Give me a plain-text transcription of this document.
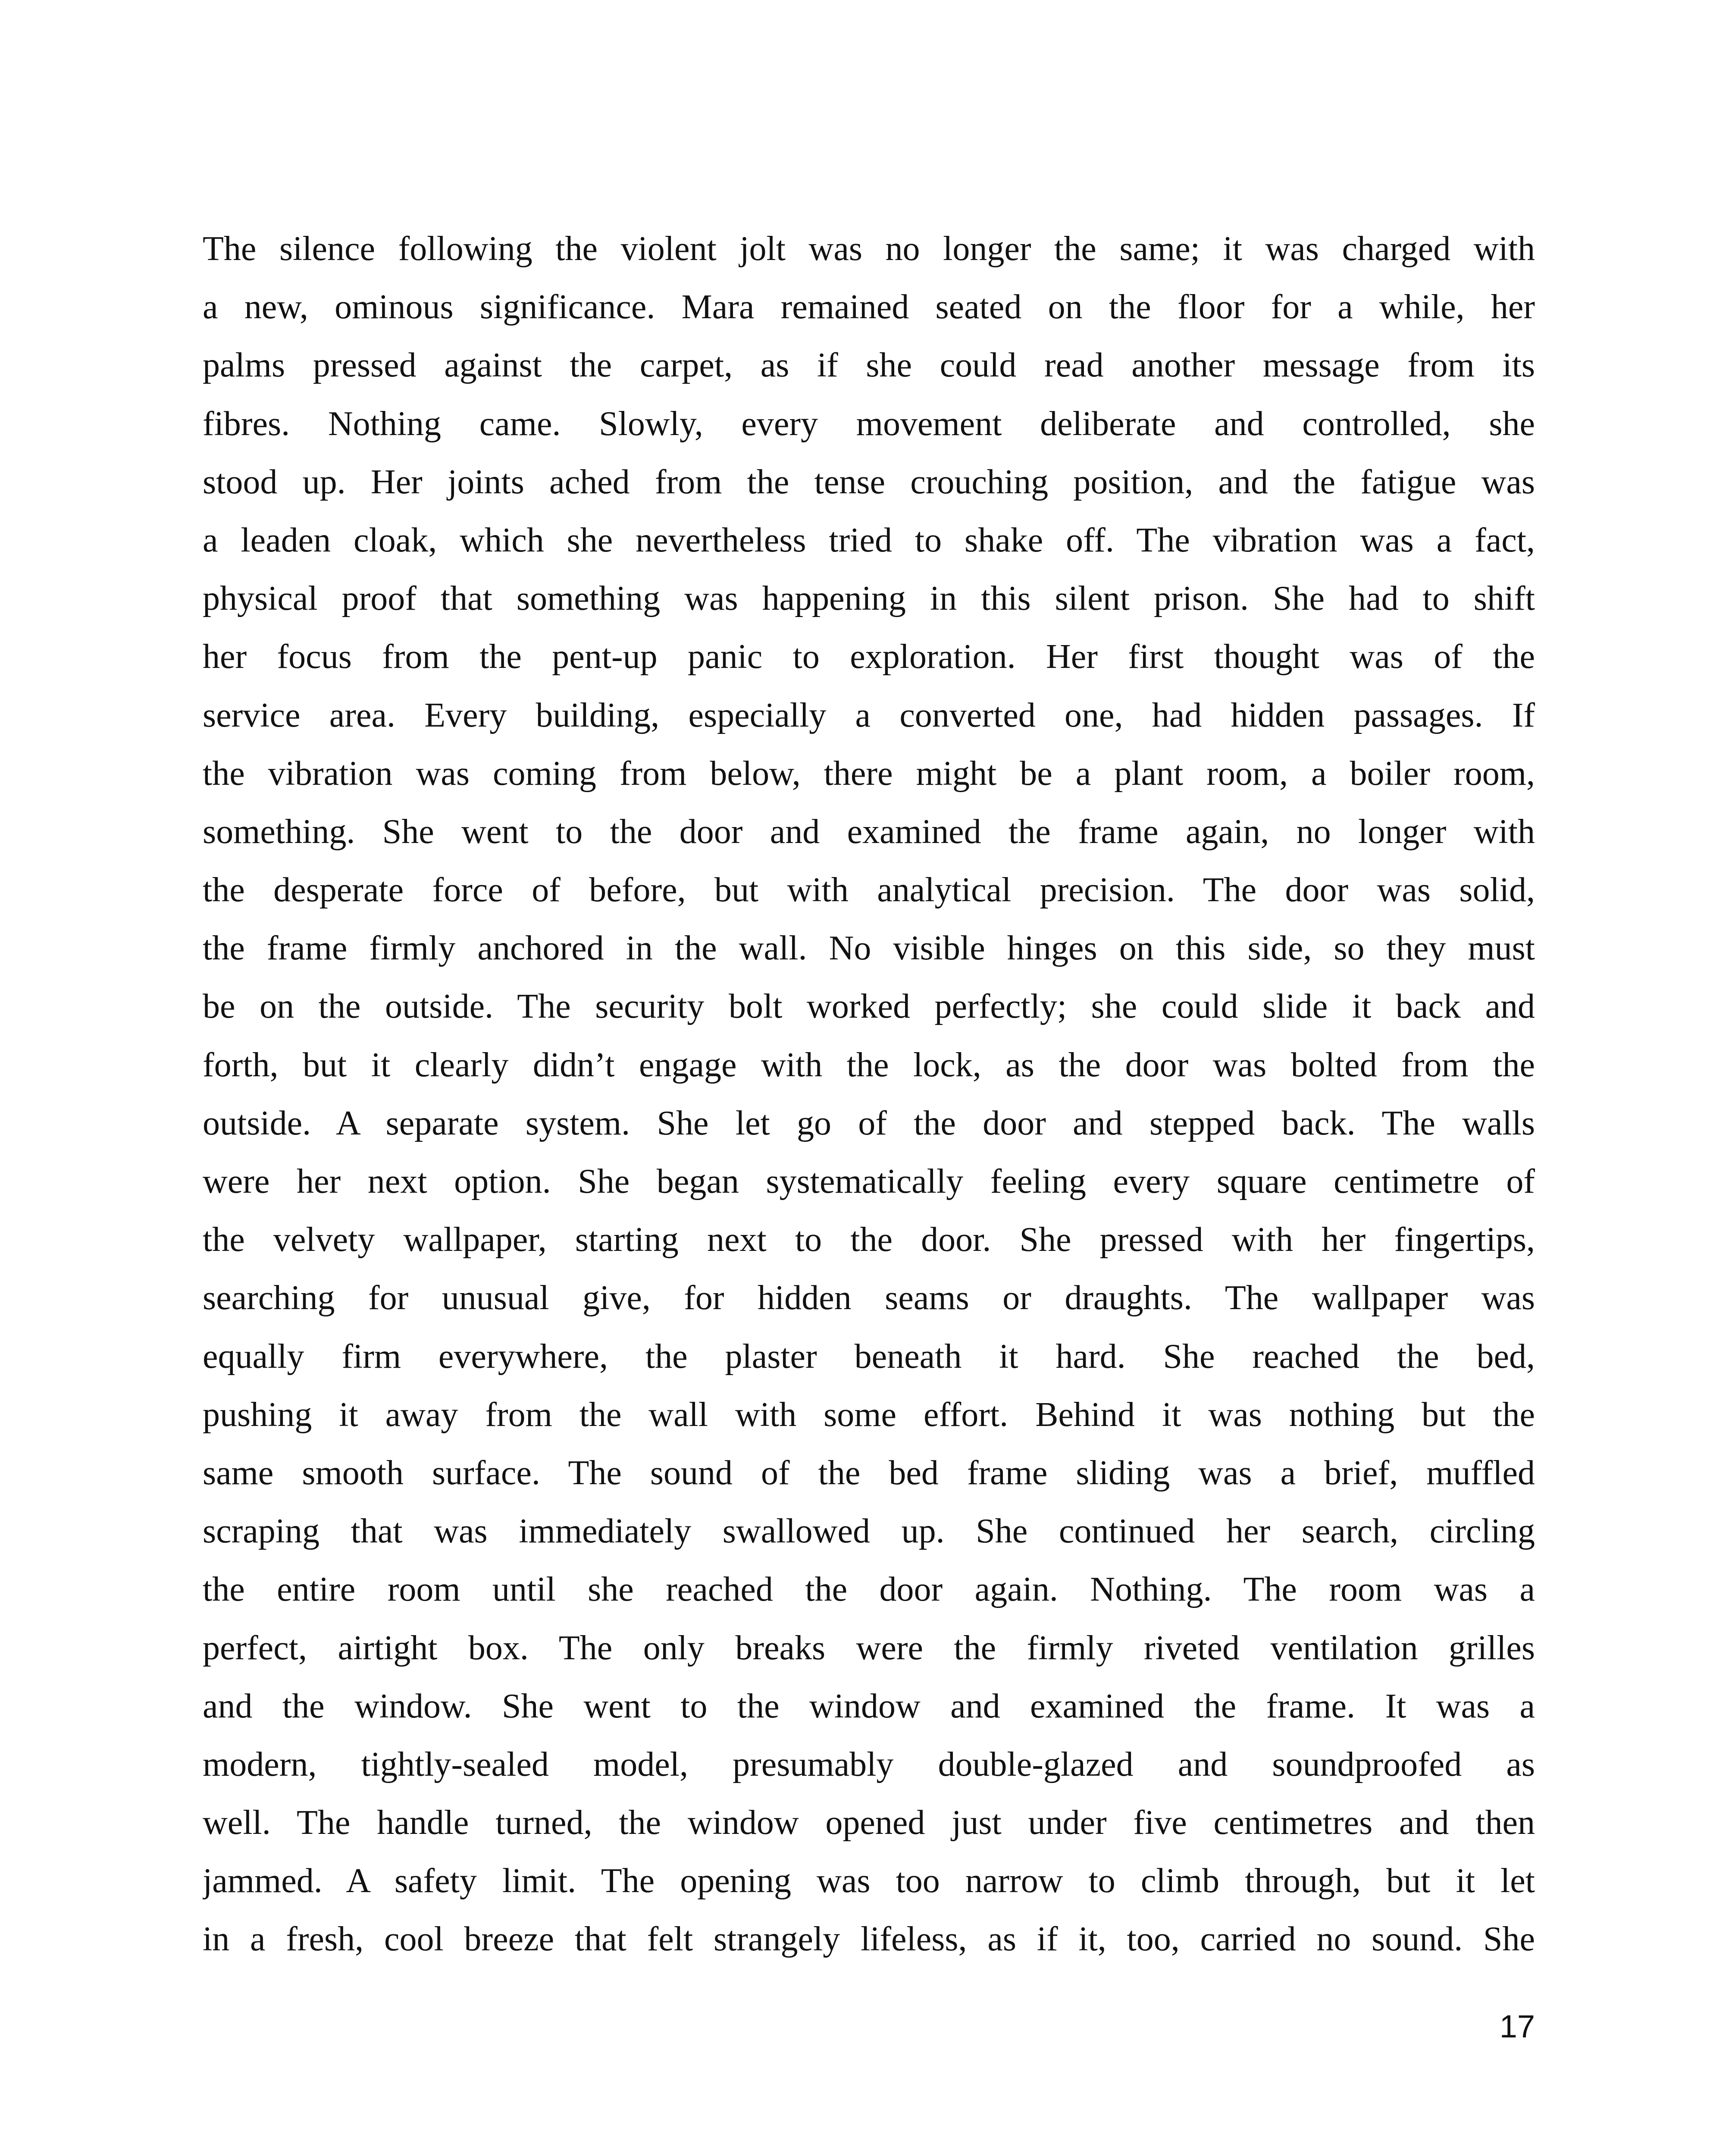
The silence following the violent jolt was no longer the same; it was charged with
a new, ominous significance. Mara remained seated on the floor for a while, her
palms pressed against the carpet, as if she could read another message from its
fibres. Nothing came. Slowly, every movement deliberate and controlled, she
stood up. Her joints ached from the tense crouching position, and the fatigue was
a leaden cloak, which she nevertheless tried to shake off. The vibration was a fact,
physical proof that something was happening in this silent prison. She had to shift
her focus from the pent-up panic to exploration. Her first thought was of the
service area. Every building, especially a converted one, had hidden passages. If
the vibration was coming from below, there might be a plant room, a boiler room,
something. She went to the door and examined the frame again, no longer with
the desperate force of before, but with analytical precision. The door was solid,
the frame firmly anchored in the wall. No visible hinges on this side, so they must
be on the outside. The security bolt worked perfectly; she could slide it back and
forth, but it clearly didn’t engage with the lock, as the door was bolted from the
outside. A separate system. She let go of the door and stepped back. The walls
were her next option. She began systematically feeling every square centimetre of
the velvety wallpaper, starting next to the door. She pressed with her fingertips,
searching for unusual give, for hidden seams or draughts. The wallpaper was
equally firm everywhere, the plaster beneath it hard. She reached the bed,
pushing it away from the wall with some effort. Behind it was nothing but the
same smooth surface. The sound of the bed frame sliding was a brief, muffled
scraping that was immediately swallowed up. She continued her search, circling
the entire room until she reached the door again. Nothing. The room was a
perfect, airtight box. The only breaks were the firmly riveted ventilation grilles
and the window. She went to the window and examined the frame. It was a
modern, tightly-sealed model, presumably double-glazed and soundproofed as
well. The handle turned, the window opened just under five centimetres and then
jammed. A safety limit. The opening was too narrow to climb through, but it let
in a fresh, cool breeze that felt strangely lifeless, as if it, too, carried no sound. She
17
